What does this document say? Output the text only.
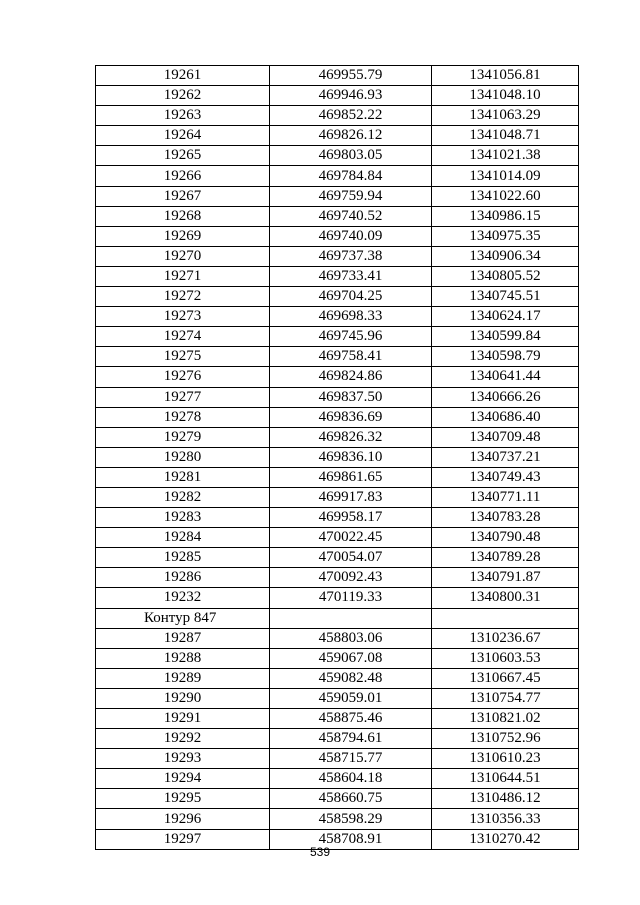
19261	469955.79	1341056.81
19262	469946.93	1341048.10
19263	469852.22	1341063.29
19264	469826.12	1341048.71
19265	469803.05	1341021.38
19266	469784.84	1341014.09
19267	469759.94	1341022.60
19268	469740.52	1340986.15
19269	469740.09	1340975.35
19270	469737.38	1340906.34
19271	469733.41	1340805.52
19272	469704.25	1340745.51
19273	469698.33	1340624.17
19274	469745.96	1340599.84
19275	469758.41	1340598.79
19276	469824.86	1340641.44
19277	469837.50	1340666.26
19278	469836.69	1340686.40
19279	469826.32	1340709.48
19280	469836.10	1340737.21
19281	469861.65	1340749.43
19282	469917.83	1340771.11
19283	469958.17	1340783.28
19284	470022.45	1340790.48
19285	470054.07	1340789.28
19286	470092.43	1340791.87
19232	470119.33	1340800.31
Контур 847		
19287	458803.06	1310236.67
19288	459067.08	1310603.53
19289	459082.48	1310667.45
19290	459059.01	1310754.77
19291	458875.46	1310821.02
19292	458794.61	1310752.96
19293	458715.77	1310610.23
19294	458604.18	1310644.51
19295	458660.75	1310486.12
19296	458598.29	1310356.33
19297	458708.91	1310270.42
539
